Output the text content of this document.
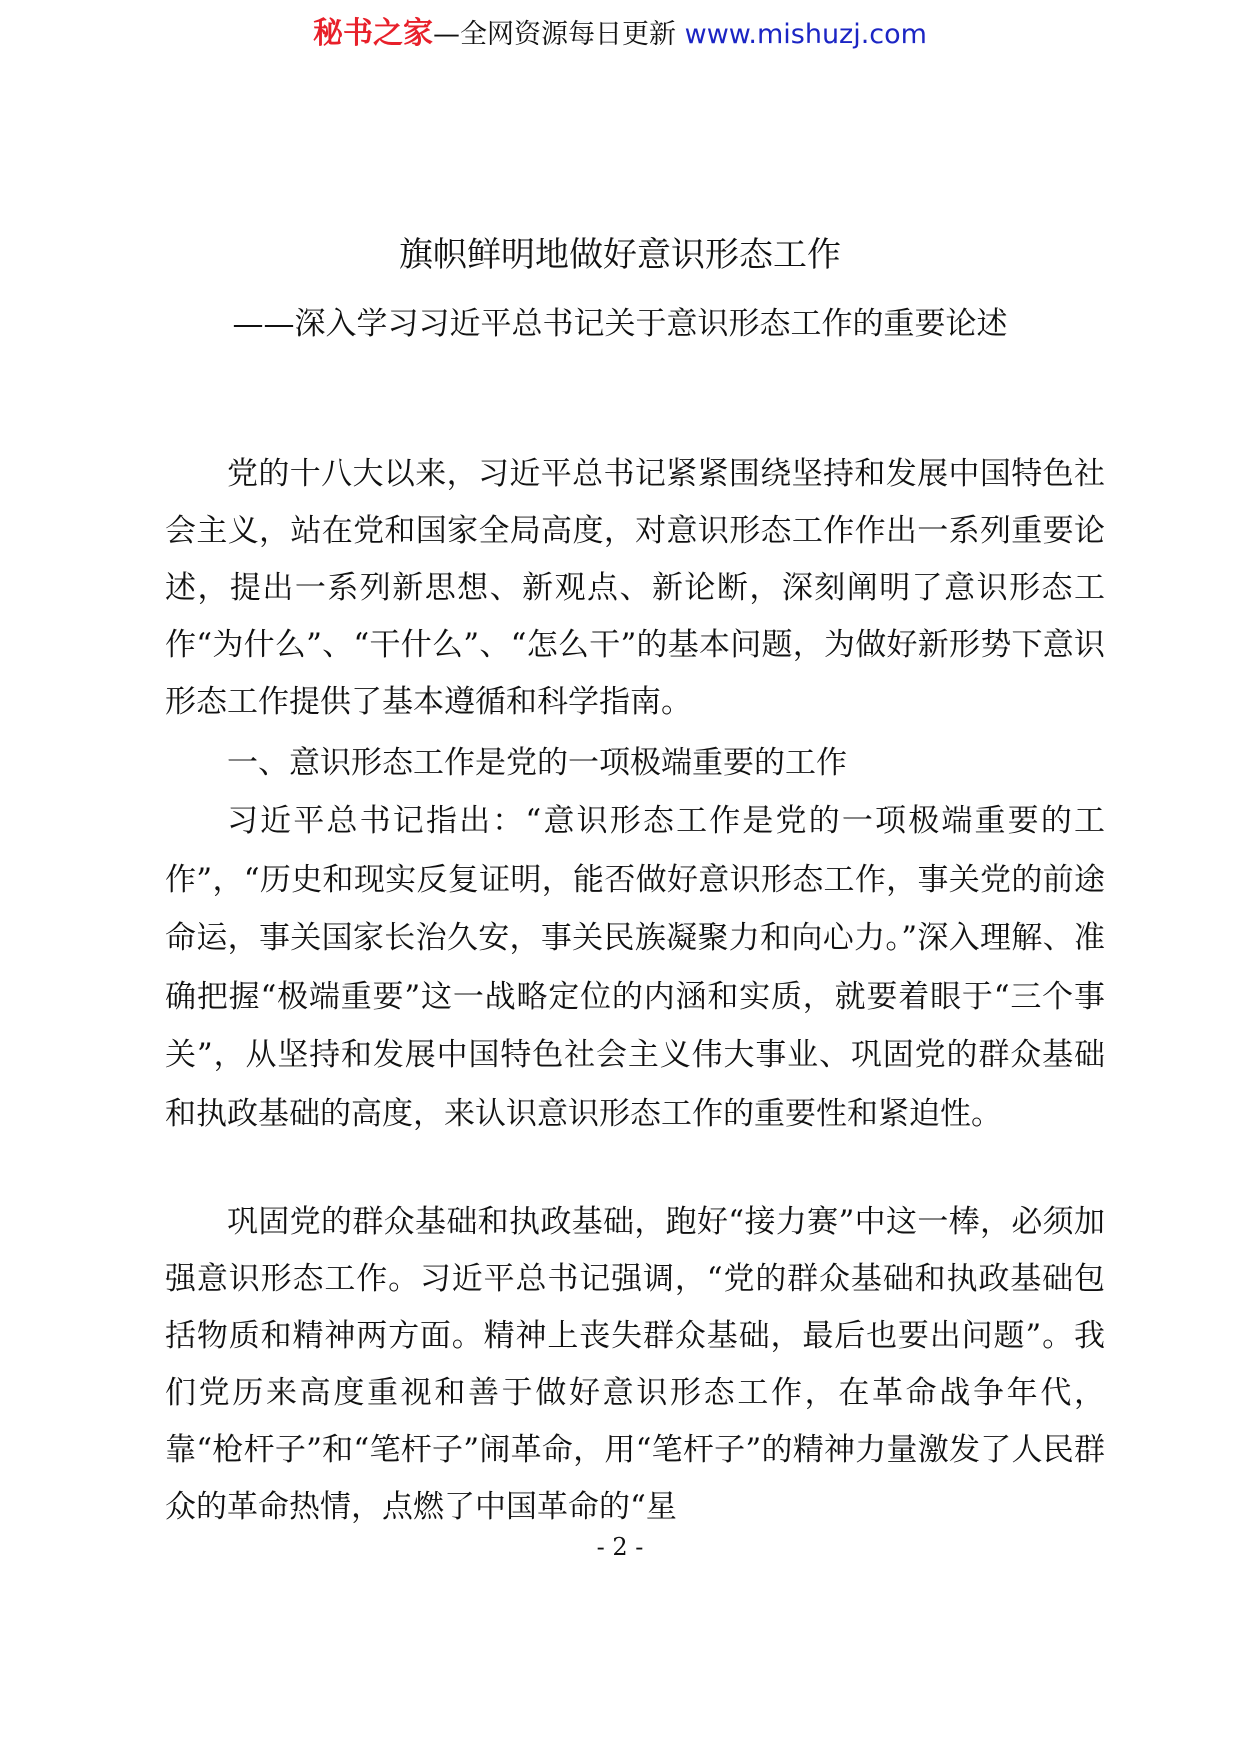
秘书之家—全网资源每日更新 www.mishuzj.com
旗帜鲜明地做好意识形态工作
——深入学习习近平总书记关于意识形态工作的重要论述

党的十八大以来，习近平总书记紧紧围绕坚持和发展中国特色社会主义，站在党和国家全局高度，对意识形态工作作出一系列重要论述，提出一系列新思想、新观点、新论断，深刻阐明了意识形态工作“为什么”、“干什么”、“怎么干”的基本问题，为做好新形势下意识形态工作提供了基本遵循和科学指南。

一、意识形态工作是党的一项极端重要的工作

习近平总书记指出：“意识形态工作是党的一项极端重要的工作”，“历史和现实反复证明，能否做好意识形态工作，事关党的前途命运，事关国家长治久安，事关民族凝聚力和向心力。”深入理解、准确把握“极端重要”这一战略定位的内涵和实质，就要着眼于“三个事关”，从坚持和发展中国特色社会主义伟大事业、巩固党的群众基础和执政基础的高度，来认识意识形态工作的重要性和紧迫性。

巩固党的群众基础和执政基础，跑好“接力赛”中这一棒，必须加强意识形态工作。习近平总书记强调，“党的群众基础和执政基础包括物质和精神两方面。精神上丧失群众基础，最后也要出问题”。我们党历来高度重视和善于做好意识形态工作，在革命战争年代，靠“枪杆子”和“笔杆子”闹革命，用“笔杆子”的精神力量激发了人民群众的革命热情，点燃了中国革命的“星

- 2 -
